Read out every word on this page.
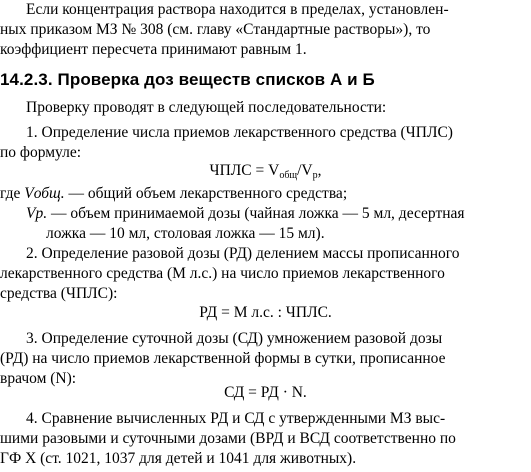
Если концентрация раствора находится в пределах, установлен-
ных приказом МЗ № 308 (см. главу «Стандартные растворы»), то
коэффициент пересчета принимают равным 1.
14.2.3. Проверка доз веществ списков А и Б
Проверку проводят в следующей последовательности:
1. Определение числа приемов лекарственного средства (ЧПЛС)
по формуле:
ЧПЛС = $V_{общ}/V_р$,
где Vобщ. — общий объем лекарственного средства;
Vр. — объем принимаемой дозы (чайная ложка — 5 мл, десертная
ложка — 10 мл, столовая ложка — 15 мл).
2. Определение разовой дозы (РД) делением массы прописанного
лекарственного средства (М л.с.) на число приемов лекарственного
средства (ЧПЛС):
РД = М л.с. : ЧПЛС.
3. Определение суточной дозы (СД) умножением разовой дозы
(РД) на число приемов лекарственной формы в сутки, прописанное
врачом (N):
СД = РД · N.
4. Сравнение вычисленных РД и СД с утвержденными МЗ выс-
шими разовыми и суточными дозами (ВРД и ВСД соответственно по
ГФ X (ст. 1021, 1037 для детей и 1041 для животных).
